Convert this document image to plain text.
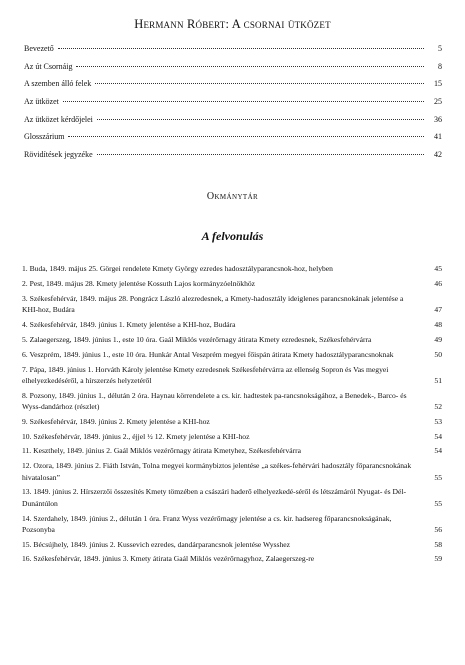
Hermann Róbert: A csornai ütközet
Bevezető	5
Az út Csornáig	8
A szemben álló felek	15
Az ütközet	25
Az ütközet kérdőjelei	36
Glosszárium	41
Rövidítések jegyzéke	42
Okmánytár
A felvonulás
1. Buda, 1849. május 25. Görgei rendelete Kmety György ezredes hadosztályparancsnok-hoz, helyben	45
2. Pest, 1849. május 28. Kmety jelentése Kossuth Lajos kormányzóelnökhöz	46
3. Székesfehérvár, 1849. május 28. Pongrácz László alezredesnek, a Kmety-hadosztály ideiglenes parancsnokának jelentése a KHI-hoz, Budára	47
4. Székesfehérvár, 1849. június 1. Kmety jelentése a KHI-hoz, Budára	48
5. Zalaegerszeg, 1849. június 1., este 10 óra. Gaál Miklós vezérőrnagy átirata Kmety ezredesnek, Székesfehérvárra	49
6. Veszprém, 1849. június 1., este 10 óra. Hunkár Antal Veszprém megyei főispán átirata Kmety hadosztályparancsnoknak	50
7. Pápa, 1849. június 1. Horváth Károly jelentése Kmety ezredesnek Székesfehérvárra az ellenség Sopron és Vas megyei elhelyezkedéséről, a hírszerzés helyzetéről	51
8. Pozsony, 1849. június 1., délután 2 óra. Haynau körrendelete a cs. kir. hadtestek pa-rancsnokságához, a Benedek-, Barco- és Wyss-dandárhoz (részlet)	52
9. Székesfehérvár, 1849. június 2. Kmety jelentése a KHI-hoz	53
10. Székesfehérvár, 1849. június 2., éjjel ½ 12. Kmety jelentése a KHI-hoz	54
11. Keszthely, 1849. június 2. Gaál Miklós vezérőrnagy átirata Kmetyhez, Székesfehérvárra	54
12. Ozora, 1849. június 2. Fiáth István, Tolna megyei kormánybiztos jelentése „a székes-fehérvári hadosztály főparancsnokának hivatalosan”	55
13. 1849. június 2. Hírszerzői összesítés Kmety tömzében a császári haderő elhelyezkedé-séről és létszámáról Nyugat- és Dél-Dunántúlon	55
14. Szerdahely, 1849. június 2., délután 1 óra. Franz Wyss vezérőrnagy jelentése a cs. kir. hadsereg főparancsnokságának, Pozsonyba	56
15. Bécsújhely, 1849. június 2. Kussevich ezredes, dandárparancsnok jelentése Wysshez	58
16. Székesfehérvár, 1849. június 3. Kmety átirata Gaál Miklós vezérőrnagyhoz, Zalaegerszeg-re	59
